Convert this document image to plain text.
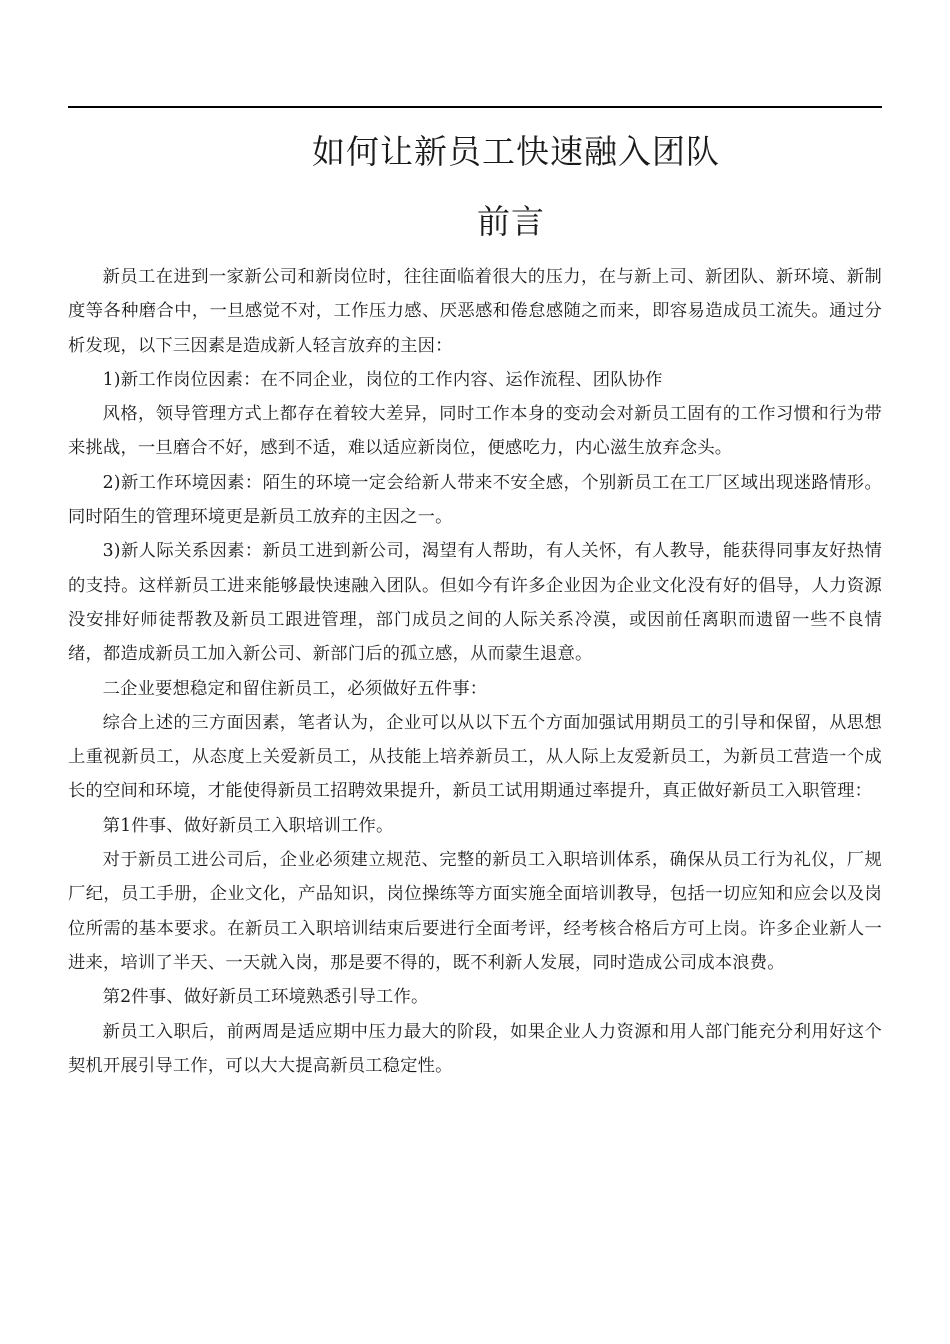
如何让新员工快速融入团队
前言

新员工在进到一家新公司和新岗位时，往往面临着很大的压力，在与新上司、新团队、新环境、新制度等各种磨合中，一旦感觉不对，工作压力感、厌恶感和倦怠感随之而来，即容易造成员工流失。通过分析发现，以下三因素是造成新人轻言放弃的主因：

1)新工作岗位因素：在不同企业，岗位的工作内容、运作流程、团队协作

风格，领导管理方式上都存在着较大差异，同时工作本身的变动会对新员工固有的工作习惯和行为带来挑战，一旦磨合不好，感到不适，难以适应新岗位，便感吃力，内心滋生放弃念头。

2)新工作环境因素：陌生的环境一定会给新人带来不安全感，个别新员工在工厂区域出现迷路情形。同时陌生的管理环境更是新员工放弃的主因之一。

3)新人际关系因素：新员工进到新公司，渴望有人帮助，有人关怀，有人教导，能获得同事友好热情的支持。这样新员工进来能够最快速融入团队。但如今有许多企业因为企业文化没有好的倡导，人力资源没安排好师徒帮教及新员工跟进管理，部门成员之间的人际关系冷漠，或因前任离职而遗留一些不良情绪，都造成新员工加入新公司、新部门后的孤立感，从而蒙生退意。

二企业要想稳定和留住新员工，必须做好五件事：

综合上述的三方面因素，笔者认为，企业可以从以下五个方面加强试用期员工的引导和保留，从思想上重视新员工，从态度上关爱新员工，从技能上培养新员工，从人际上友爱新员工，为新员工营造一个成长的空间和环境，才能使得新员工招聘效果提升，新员工试用期通过率提升，真正做好新员工入职管理：

第1件事、做好新员工入职培训工作。

对于新员工进公司后，企业必须建立规范、完整的新员工入职培训体系，确保从员工行为礼仪，厂规厂纪，员工手册，企业文化，产品知识，岗位操练等方面实施全面培训教导，包括一切应知和应会以及岗位所需的基本要求。在新员工入职培训结束后要进行全面考评，经考核合格后方可上岗。许多企业新人一进来，培训了半天、一天就入岗，那是要不得的，既不利新人发展，同时造成公司成本浪费。

第2件事、做好新员工环境熟悉引导工作。

新员工入职后，前两周是适应期中压力最大的阶段，如果企业人力资源和用人部门能充分利用好这个契机开展引导工作，可以大大提高新员工稳定性。
